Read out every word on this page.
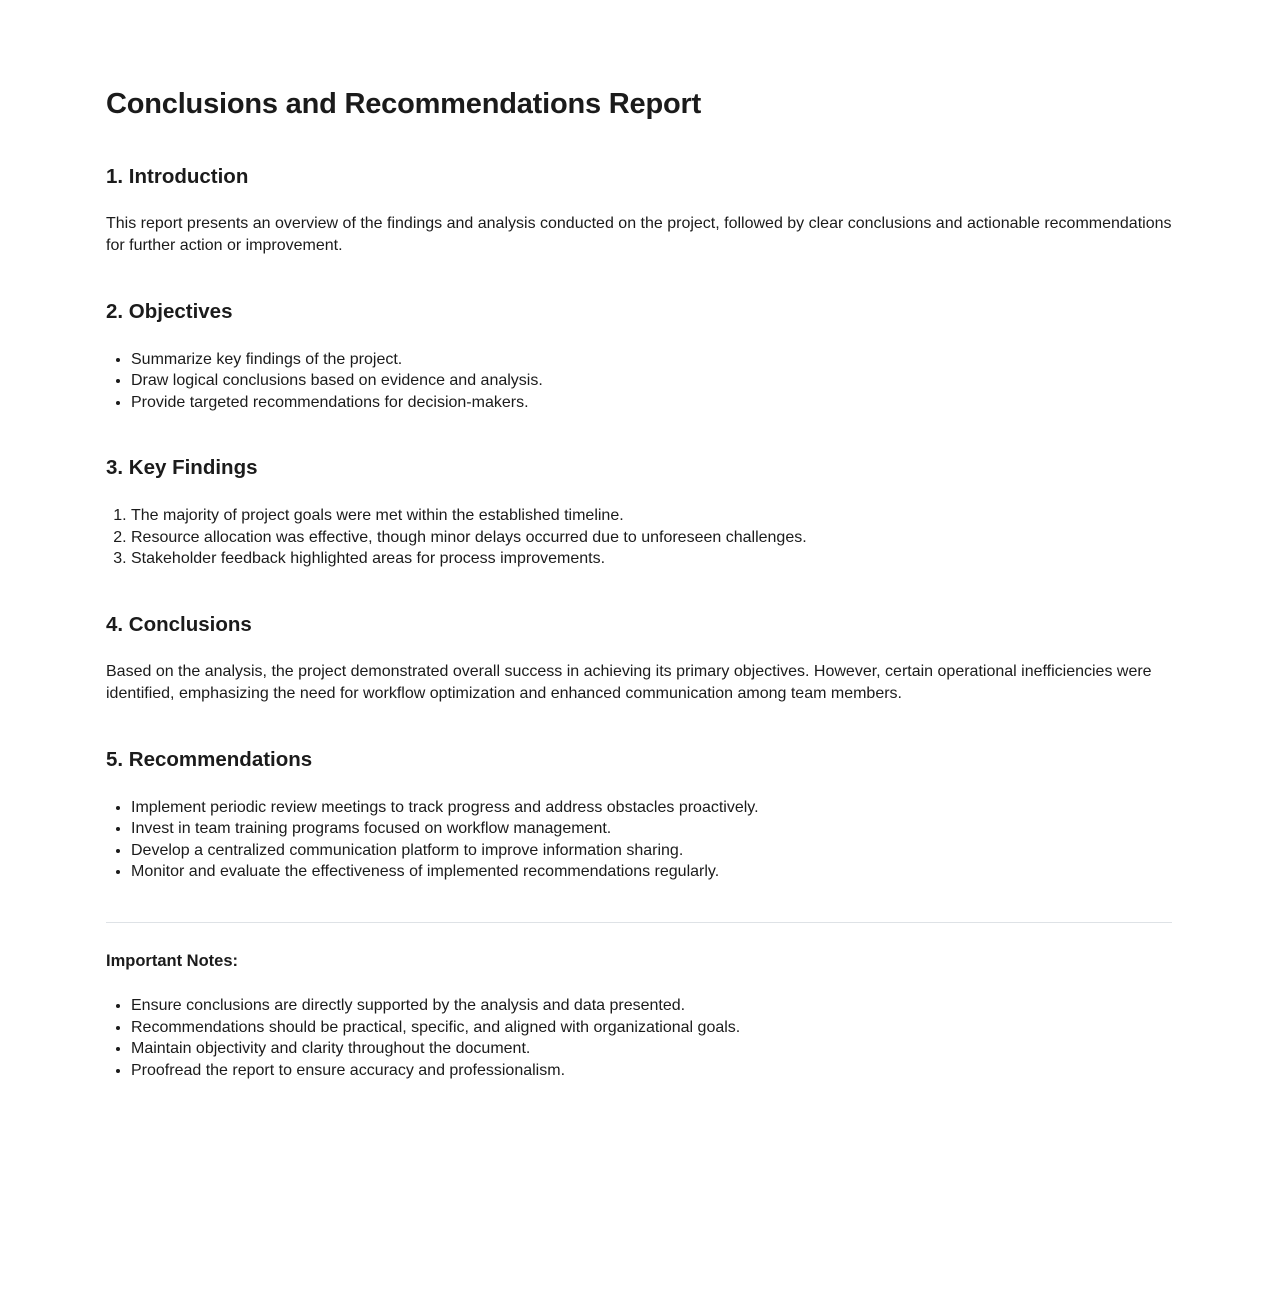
Conclusions and Recommendations Report
1. Introduction

This report presents an overview of the findings and analysis conducted on the project, followed by clear conclusions and actionable recommendations for further action or improvement.

2. Objectives
• Summarize key findings of the project.
• Draw logical conclusions based on evidence and analysis.
• Provide targeted recommendations for decision-makers.
3. Key Findings
1. The majority of project goals were met within the established timeline.
2. Resource allocation was effective, though minor delays occurred due to unforeseen challenges.
3. Stakeholder feedback highlighted areas for process improvements.
4. Conclusions

Based on the analysis, the project demonstrated overall success in achieving its primary objectives. However, certain operational inefficiencies were identified, emphasizing the need for workflow optimization and enhanced communication among team members.

5. Recommendations
• Implement periodic review meetings to track progress and address obstacles proactively.
• Invest in team training programs focused on workflow management.
• Develop a centralized communication platform to improve information sharing.
• Monitor and evaluate the effectiveness of implemented recommendations regularly.

Important Notes:

• Ensure conclusions are directly supported by the analysis and data presented.
• Recommendations should be practical, specific, and aligned with organizational goals.
• Maintain objectivity and clarity throughout the document.
• Proofread the report to ensure accuracy and professionalism.
